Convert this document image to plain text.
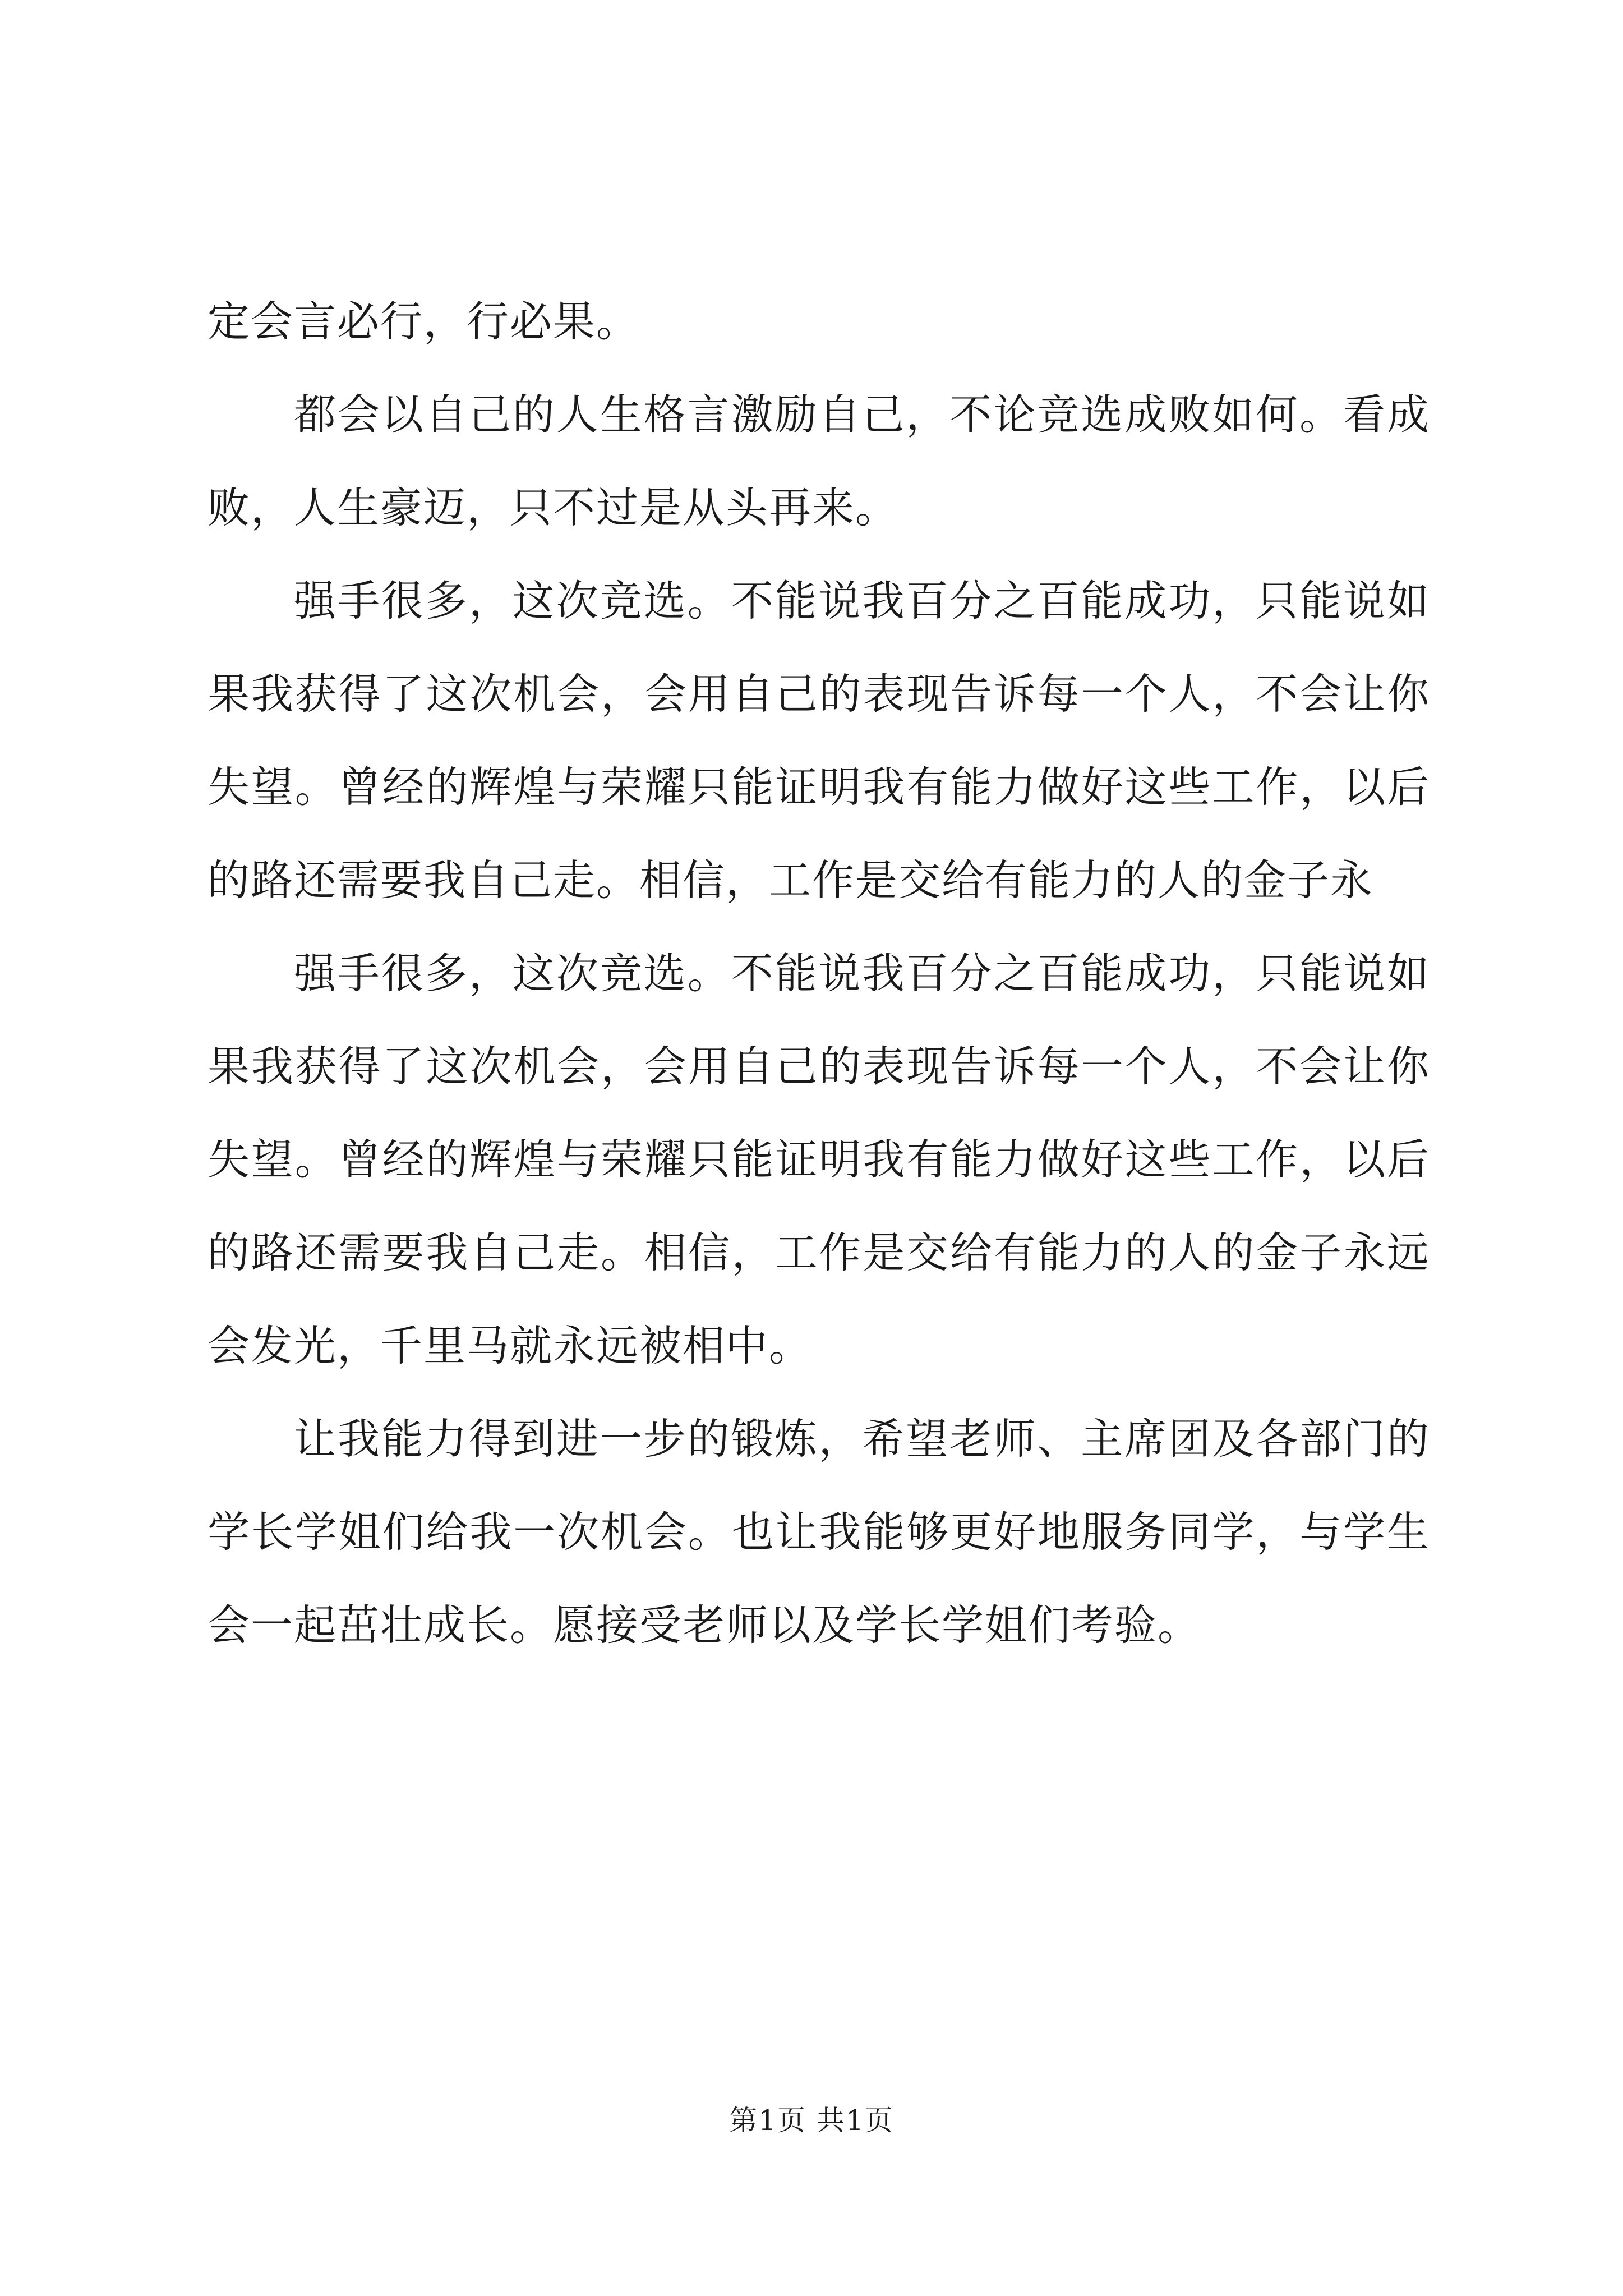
定会言必行，行必果。

都会以自己的人生格言激励自己，不论竞选成败如何。看成败，人生豪迈，只不过是从头再来。

强手很多，这次竞选。不能说我百分之百能成功，只能说如果我获得了这次机会，会用自己的表现告诉每一个人，不会让你失望。曾经的辉煌与荣耀只能证明我有能力做好这些工作，以后的路还需要我自己走。相信，工作是交给有能力的人的金子永

强手很多，这次竞选。不能说我百分之百能成功，只能说如果我获得了这次机会，会用自己的表现告诉每一个人，不会让你失望。曾经的辉煌与荣耀只能证明我有能力做好这些工作，以后的路还需要我自己走。相信，工作是交给有能力的人的金子永远会发光，千里马就永远被相中。

让我能力得到进一步的锻炼，希望老师、主席团及各部门的学长学姐们给我一次机会。也让我能够更好地服务同学，与学生会一起茁壮成长。愿接受老师以及学长学姐们考验。

第1页 共1页
